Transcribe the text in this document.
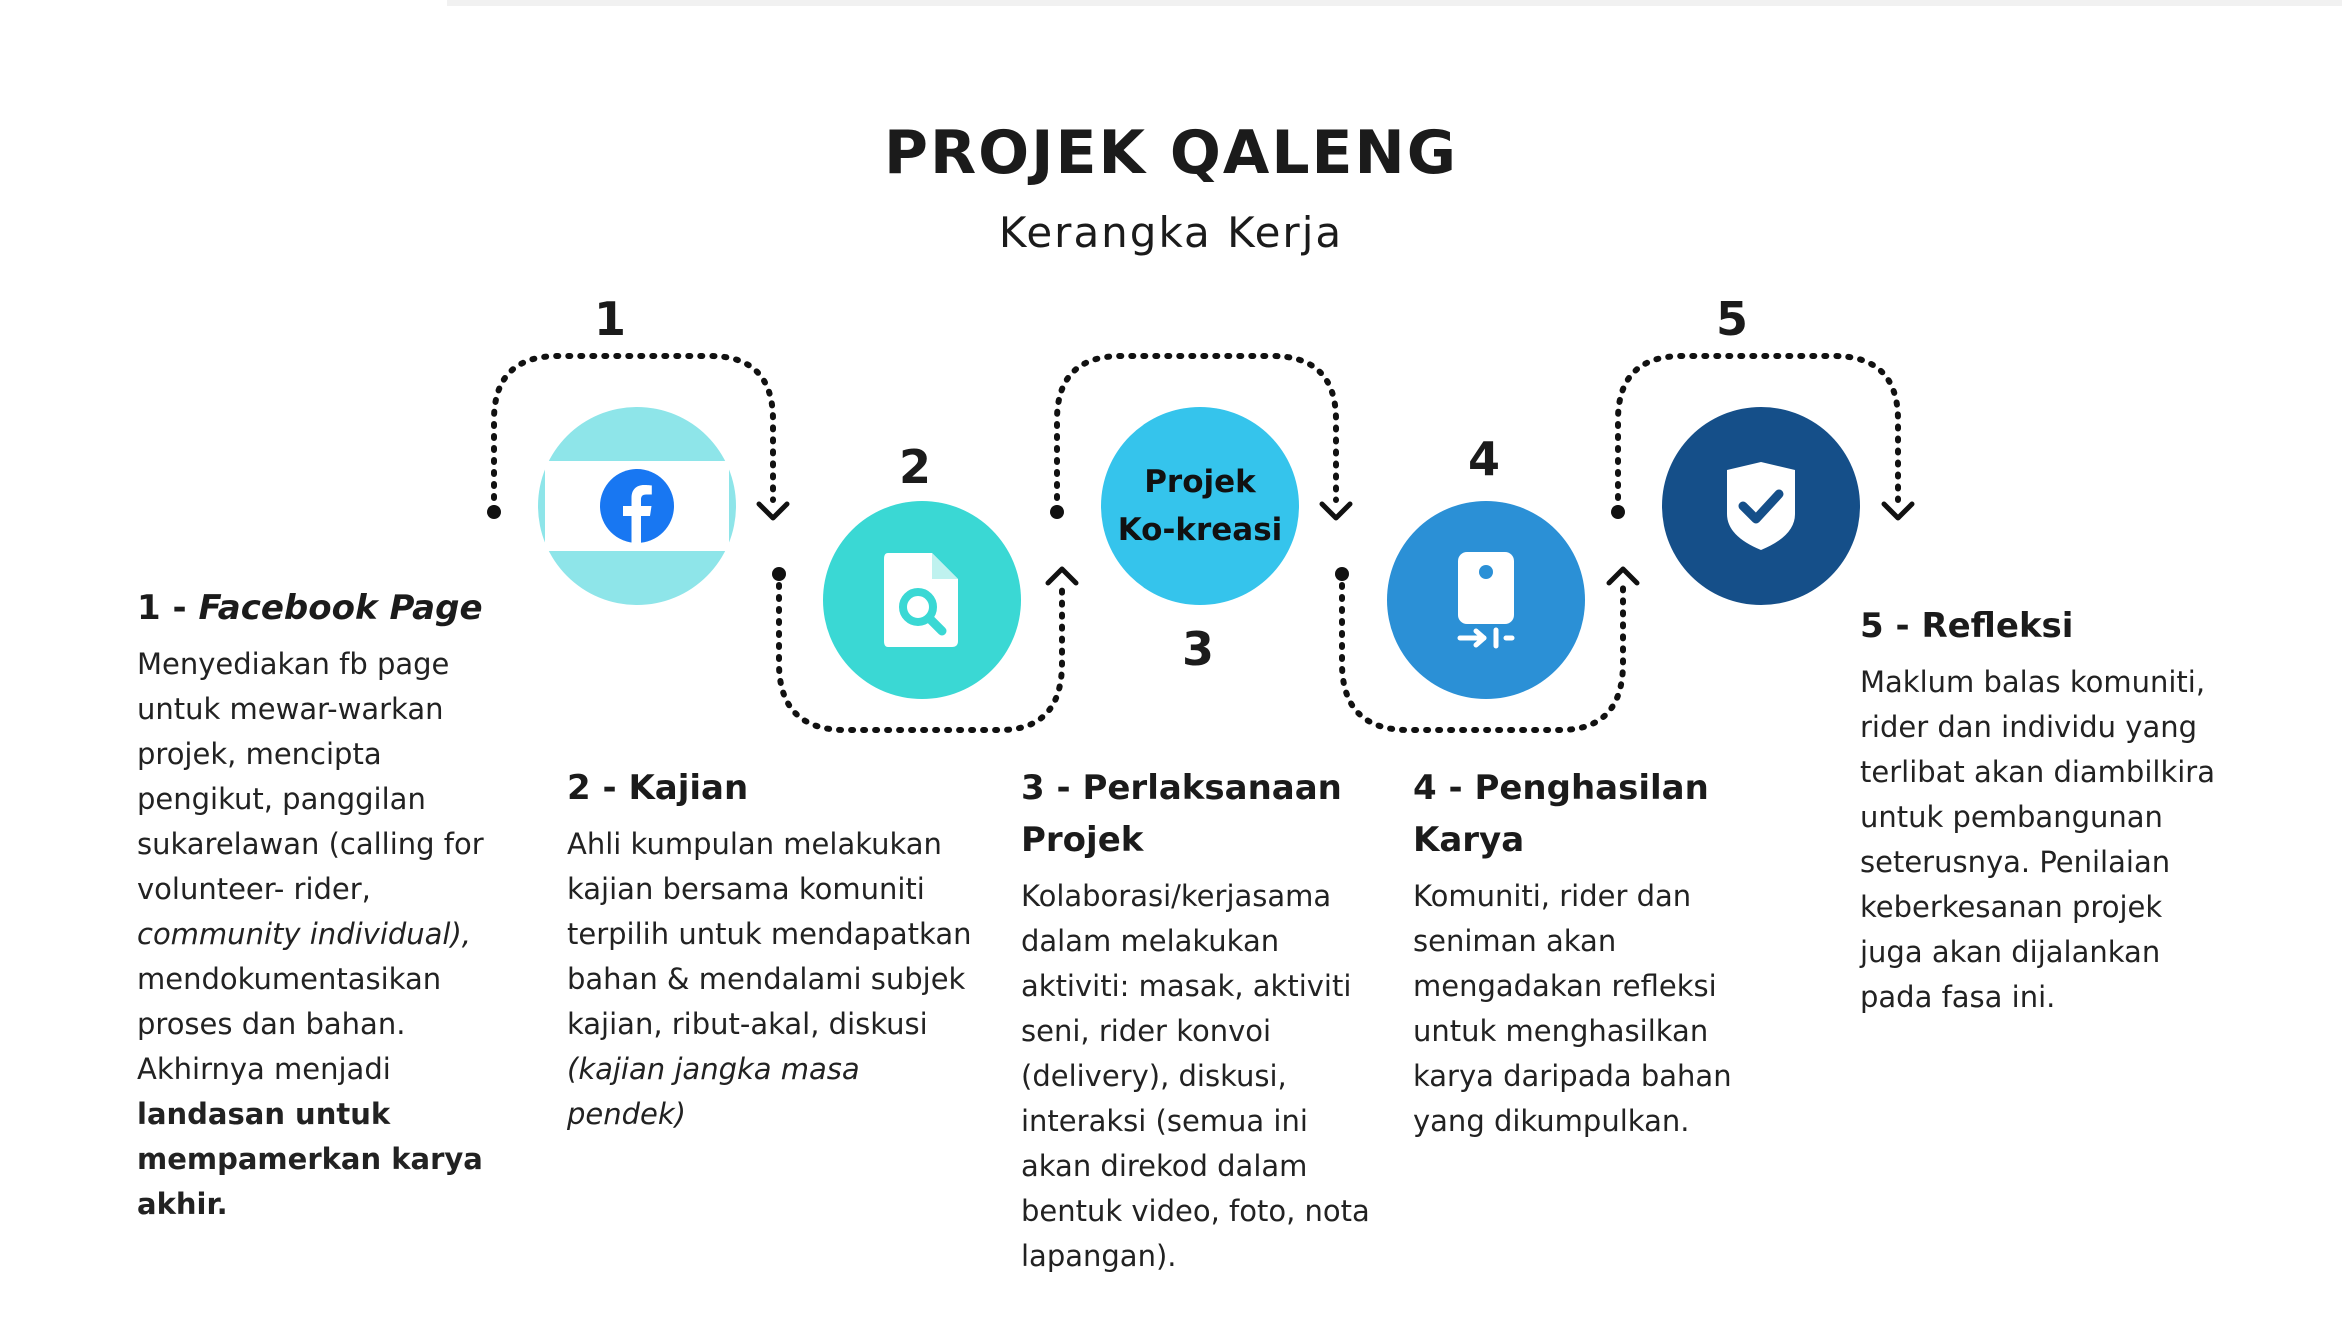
PROJEK QALENG
Kerangka Kerja
1
2
3
4
5
Projek
Ko-kreasi
1 - Facebook Page
Menyediakan fb page
untuk mewar-warkan
projek, mencipta
pengikut, panggilan
sukarelawan (calling for
volunteer- rider,
community individual),
mendokumentasikan
proses dan bahan.
Akhirnya menjadi
landasan untuk
mempamerkan karya
akhir.
2 - Kajian
Ahli kumpulan melakukan
kajian bersama komuniti
terpilih untuk mendapatkan
bahan & mendalami subjek
kajian, ribut-akal, diskusi
(kajian jangka masa pendek)
3 - Perlaksanaan
Projek
Kolaborasi/kerjasama
dalam melakukan
aktiviti: masak, aktiviti
seni, rider konvoi
(delivery), diskusi,
interaksi (semua ini
akan direkod dalam
bentuk video, foto, nota
lapangan).
4 - Penghasilan
Karya
Komuniti, rider dan
seniman akan
mengadakan refleksi
untuk menghasilkan
karya daripada bahan
yang dikumpulkan.
5 - Refleksi
Maklum balas komuniti,
rider dan individu yang
terlibat akan diambilkira
untuk pembangunan
seterusnya. Penilaian
keberkesanan projek
juga akan dijalankan
pada fasa ini.
